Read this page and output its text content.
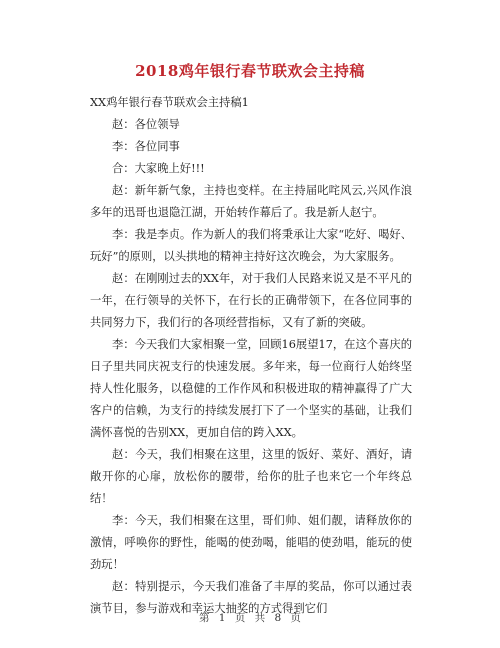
2018鸡年银行春节联欢会主持稿

XX鸡年银行春节联欢会主持稿1

赵：各位领导

李：各位同事

合：大家晚上好!!!

赵：新年新气象，主持也变样。在主持届叱咤风云,兴风作浪多年的迅哥也退隐江湖，开始转作幕后了。我是新人赵宁。

李：我是李贞。作为新人的我们将秉承让大家“吃好、喝好、玩好”的原则，以头拱地的精神主持好这次晚会，为大家服务。

赵：在刚刚过去的XX年，对于我们人民路来说又是不平凡的一年，在行领导的关怀下，在行长的正确带领下，在各位同事的共同努力下，我们行的各项经营指标，又有了新的突破。

李：今天我们大家相聚一堂，回顾16展望17，在这个喜庆的日子里共同庆祝支行的快速发展。多年来，每一位商行人始终坚持人性化服务，以稳健的工作作风和积极进取的精神赢得了广大客户的信赖，为支行的持续发展打下了一个坚实的基础，让我们满怀喜悦的告别XX，更加自信的跨入XX。

赵：今天，我们相聚在这里，这里的饭好、菜好、酒好，请敞开你的心扉，放松你的腰带，给你的肚子也来它一个年终总结！

李：今天，我们相聚在这里，哥们帅、姐们靓，请释放你的激情，呼唤你的野性，能喝的使劲喝，能唱的使劲唱，能玩的使劲玩！

赵：特别提示，今天我们准备了丰厚的奖品，你可以通过表演节目，参与游戏和幸运大抽奖的方式得到它们

第 1 页 共 8 页
